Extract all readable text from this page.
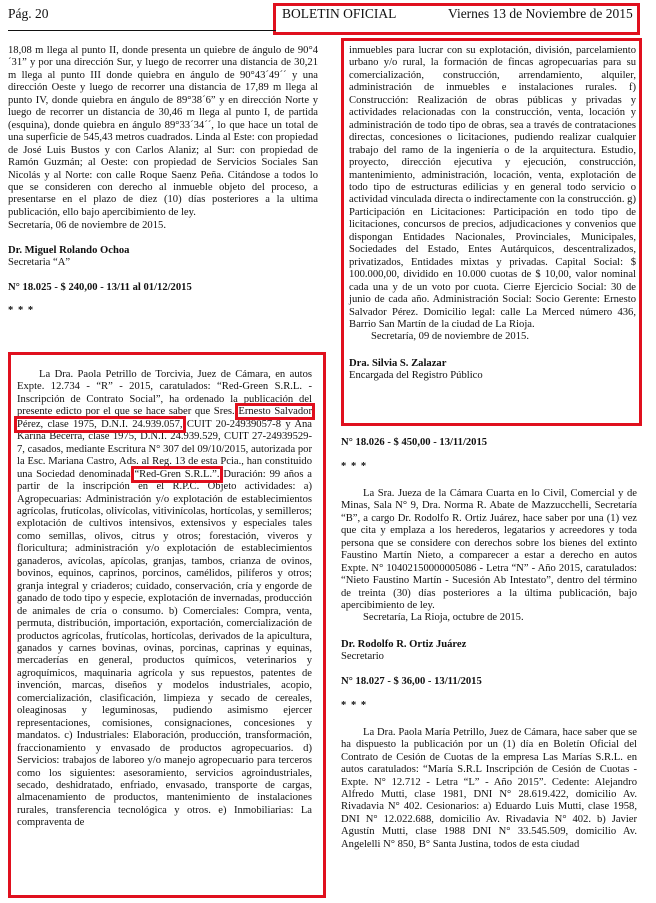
Pág. 20	BOLETIN OFICIAL	Viernes 13 de Noviembre de 2015

18,08 m llega al punto II, donde presenta un quiebre de ángulo de 90°4´31” y por una dirección Sur, y luego de recorrer una distancia de 30,21 m llega al punto III donde quiebra en ángulo de 90°43´49´´ y una dirección Oeste y luego de recorrer una distancia de 17,89 m llega al punto IV, donde quiebra en ángulo de 89°38´6” y en dirección Norte y luego de recorrer un distancia de 30,46 m llega al punto I, de partida (esquina), donde quiebra en ángulo 89°33´34´´, lo que hace un total de una superficie de 545,43 metros cuadrados. Linda al Este: con propiedad de José Luis Bustos y con Carlos Alaniz; al Sur: con propiedad de Ramón Guzmán; al Oeste: con propiedad de Servicios Sociales San Nicolás y al Norte: con calle Roque Saenz Peña. Citándose a todos lo que se consideren con derecho al inmueble objeto del proceso, a presentarse en el plazo de diez (10) días posteriores a la ultima publicación, ello bajo apercibimiento de ley.

Secretaría, 06 de noviembre de 2015.

Dr. Miguel Rolando Ochoa

Secretaria “A”

N° 18.025 - $ 240,00 - 13/11 al 01/12/2015

* * *

La Dra. Paola Petrillo de Torcivia, Juez de Cámara, en autos Expte. 12.734 - “R” - 2015, caratulados: “Red-Green S.R.L. - Inscripción de Contrato Social”, ha ordenado la publicación del presente edicto por el que se hace saber que Sres. Ernesto Salvador Pérez, clase 1975, D.N.I. 24.939.057, CUIT 20-24939057-8 y Ana Karina Becerra, clase 1975, D.N.I. 24.939.529, CUIT 27-24939529-7, casados, mediante Escritura N° 307 del 09/10/2015, autorizada por la Esc. Mariana Castro, Ads. al Reg. 13 de esta Pcia., han constituido una Sociedad denominada “Red-Gren S.R.L.”. Duración: 99 años a partir de la inscripción en el R.P.C. Objeto actividades: a) Agropecuarias: Administración y/o explotación de establecimientos agrícolas, frutícolas, olivícolas, vitivinícolas, hortícolas, y semilleros; explotación de cultivos intensivos, extensivos y especiales tales como semillas, olivos, citrus y otros; forestación, viveros y floricultura; administración y/o explotación de establecimientos ganaderos, avícolas, apícolas, granjas, tambos, crianza de ovinos, bovinos, equinos, caprinos, porcinos, camélidos, pilíferos y otros; granja integral y criaderos; cuidado, conservación, cría y engorde de ganado de todo tipo y especie, explotación de invernadas, producción de animales de cría o consumo. b) Comerciales: Compra, venta, permuta, distribución, importación, exportación, comercialización de productos agrícolas, frutícolas, hortícolas, derivados de la apicultura, ganados y carnes bovinas, ovinas, porcinas, caprinas y equinas, mercaderías en general, productos químicos, veterinarios y agroquímicos, maquinaria agrícola y sus repuestos, patentes de invención, marcas, diseños y modelos industriales, acopio, comercialización, clasificación, limpieza y secado de cereales, oleaginosas y leguminosas, pudiendo asimismo ejercer representaciones, comisiones, consignaciones, concesiones y mandatos. c) Industriales: Elaboración, producción, transformación, fraccionamiento y envasado de productos agropecuarios. d) Servicios: trabajos de laboreo y/o manejo agropecuario para terceros como los siguientes: asesoramiento, servicios agroindustriales, secado, deshidratado, enfriado, envasado, transporte de cargas, almacenamiento de productos, mantenimiento de instalaciones rurales, transferencia tecnológica y otros. e) Inmobiliarias: La compraventa de

inmuebles para lucrar con su explotación, división, parcelamiento urbano y/o rural, la formación de fincas agropecuarias para su comercialización, construcción, arrendamiento, alquiler, administración de inmuebles e instalaciones rurales. f) Construcción: Realización de obras públicas y privadas y actividades relacionadas con la construcción, venta, locación y administración de todo tipo de obras, sea a través de contrataciones directas, concesiones o licitaciones, pudiendo realizar cualquier trabajo del ramo de la ingeniería o de la arquitectura. Estudio, proyecto, dirección ejecutiva y ejecución, construcción, mantenimiento, administración, locación, venta, explotación de todo tipo de estructuras edilicias y en general todo servicio o actividad vinculada directa o indirectamente con la construcción. g) Participación en Licitaciones: Participación en todo tipo de licitaciones, concursos de precios, adjudicaciones y convenios que dispongan Entidades Nacionales, Provinciales, Municipales, Sociedades del Estado, Entes Autárquicos, descentralizados, privatizados, Entidades mixtas y privadas. Capital Social: $ 100.000,00, dividido en 10.000 cuotas de $ 10,00, valor nominal cada una y de un voto por cuota. Cierre Ejercicio Social: 30 de junio de cada año. Administración Social: Socio Gerente: Ernesto Salvador Pérez. Domicilio legal: calle La Merced número 436, Barrio San Martín de la ciudad de La Rioja.

Secretaría, 09 de noviembre de 2015.

Dra. Silvia S. Zalazar

Encargada del Registro Público

N° 18.026 - $ 450,00 - 13/11/2015

* * *

La Sra. Jueza de la Cámara Cuarta en lo Civil, Comercial y de Minas, Sala N° 9, Dra. Norma R. Abate de Mazzucchelli, Secretaría “B”, a cargo Dr. Rodolfo R. Ortiz Juárez, hace saber por una (1) vez que cita y emplaza a los herederos, legatarios y acreedores y toda persona que se considere con derechos sobre los bienes del extinto Faustino Martín Nieto, a comparecer a estar a derecho en autos Expte. N° 10402150000005086 - Letra “N” - Año 2015, caratulados: “Nieto Faustino Martín - Sucesión Ab Intestato”, dentro del término de treinta (30) días posteriores a la última publicación, bajo apercibimiento de ley.

Secretaría, La Rioja, octubre de 2015.

Dr. Rodolfo R. Ortiz Juárez

Secretario

N° 18.027 - $ 36,00 - 13/11/2015

* * *

La Dra. Paola María Petrillo, Juez de Cámara, hace saber que se ha dispuesto la publicación por un (1) día en Boletín Oficial del Contrato de Cesión de Cuotas de la empresa Las Marías S.R.L. en autos caratulados: “María S.R.L Inscripción de Cesión de Cuotas - Expte. N° 12.712 - Letra “L” - Año 2015”. Cedente: Alejandro Alfredo Mutti, clase 1981, DNI N° 28.619.422, domicilio Av. Rivadavia N° 402. Cesionarios: a) Eduardo Luis Mutti, clase 1958, DNI N° 12.022.688, domicilio Av. Rivadavia N° 402. b) Javier Agustín Mutti, clase 1988 DNI N° 33.545.509, domicilio Av. Angelelli N° 850, B° Santa Justina, todos de esta ciudad
